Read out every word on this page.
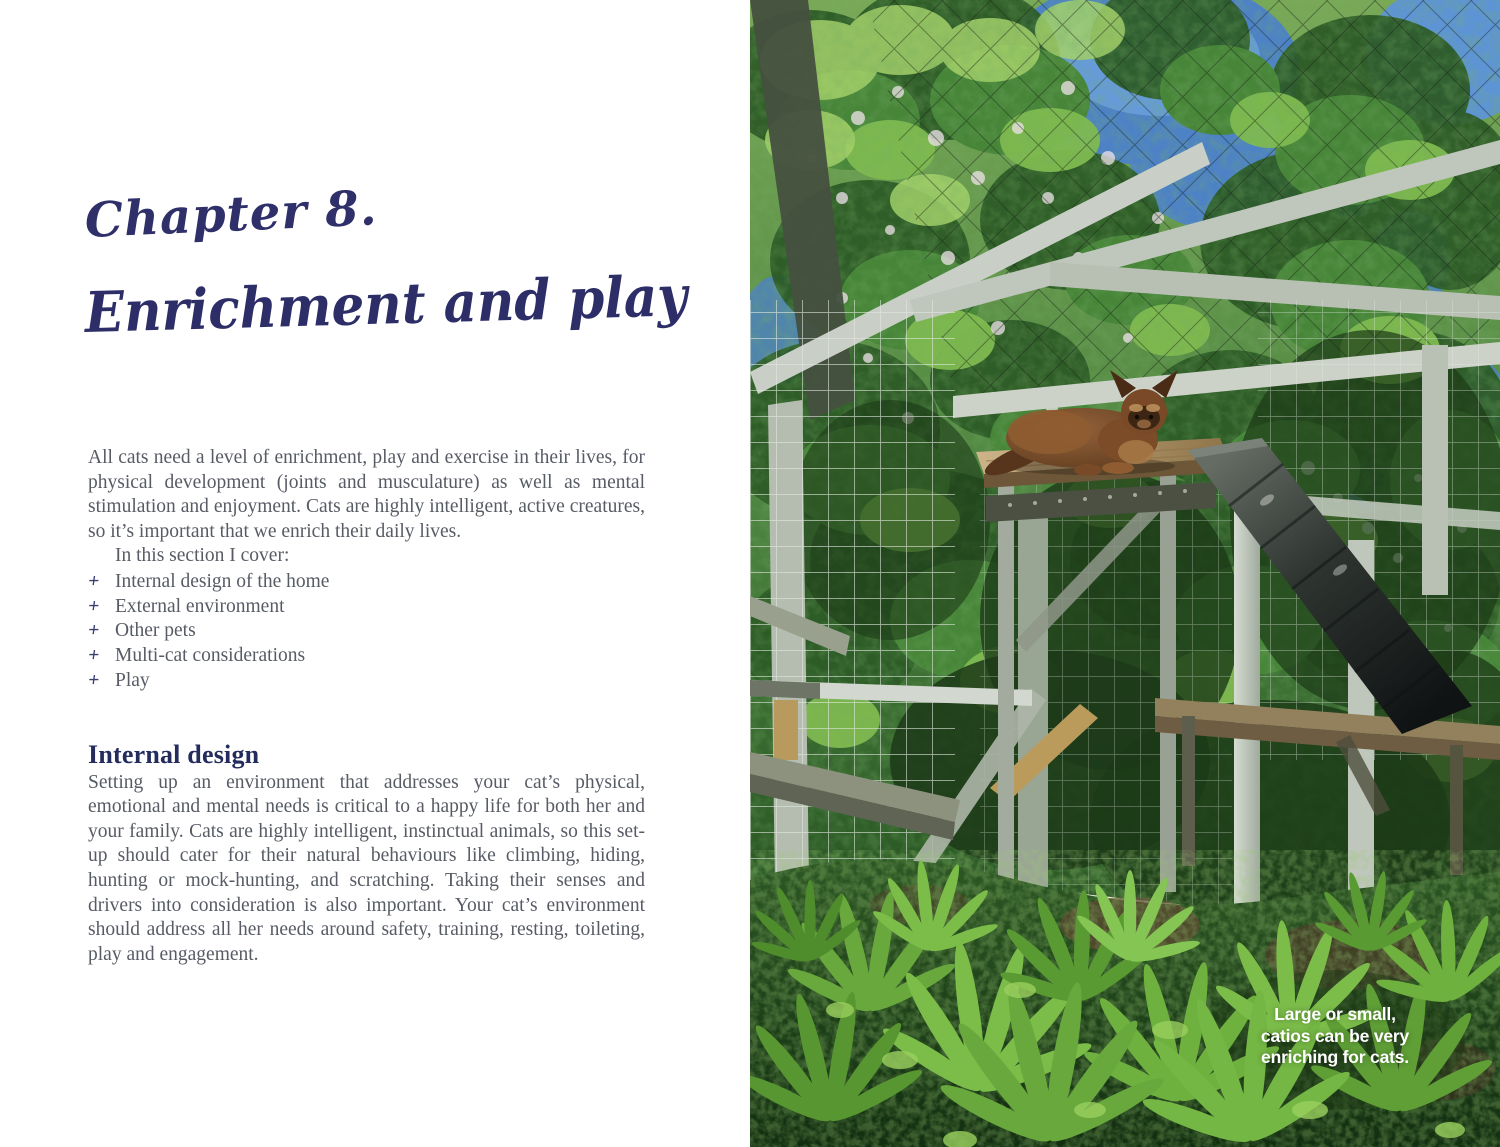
Chapter 8.
Enrichment and play

All cats need a level of enrichment, play and exercise in their lives, for physical development (joints and musculature) as well as mental stimulation and enjoyment. Cats are highly intelligent, active creatures, so it’s important that we enrich their daily lives.

In this section I cover:

+ Internal design of the home
+ External environment
+ Other pets
+ Multi-cat considerations
+ Play
Internal design

Setting up an environment that addresses your cat’s physical, emotional and mental needs is critical to a happy life for both her and your family. Cats are highly intelligent, instinctual animals, so this set-up should cater for their natural behaviours like climbing, hiding, hunting or mock-hunting, and scratching. Taking their senses and drivers into consideration is also important. Your cat’s environment should address all her needs around safety, training, resting, toileting, play and engagement.

Large or small,
catios can be very
enriching for cats.
